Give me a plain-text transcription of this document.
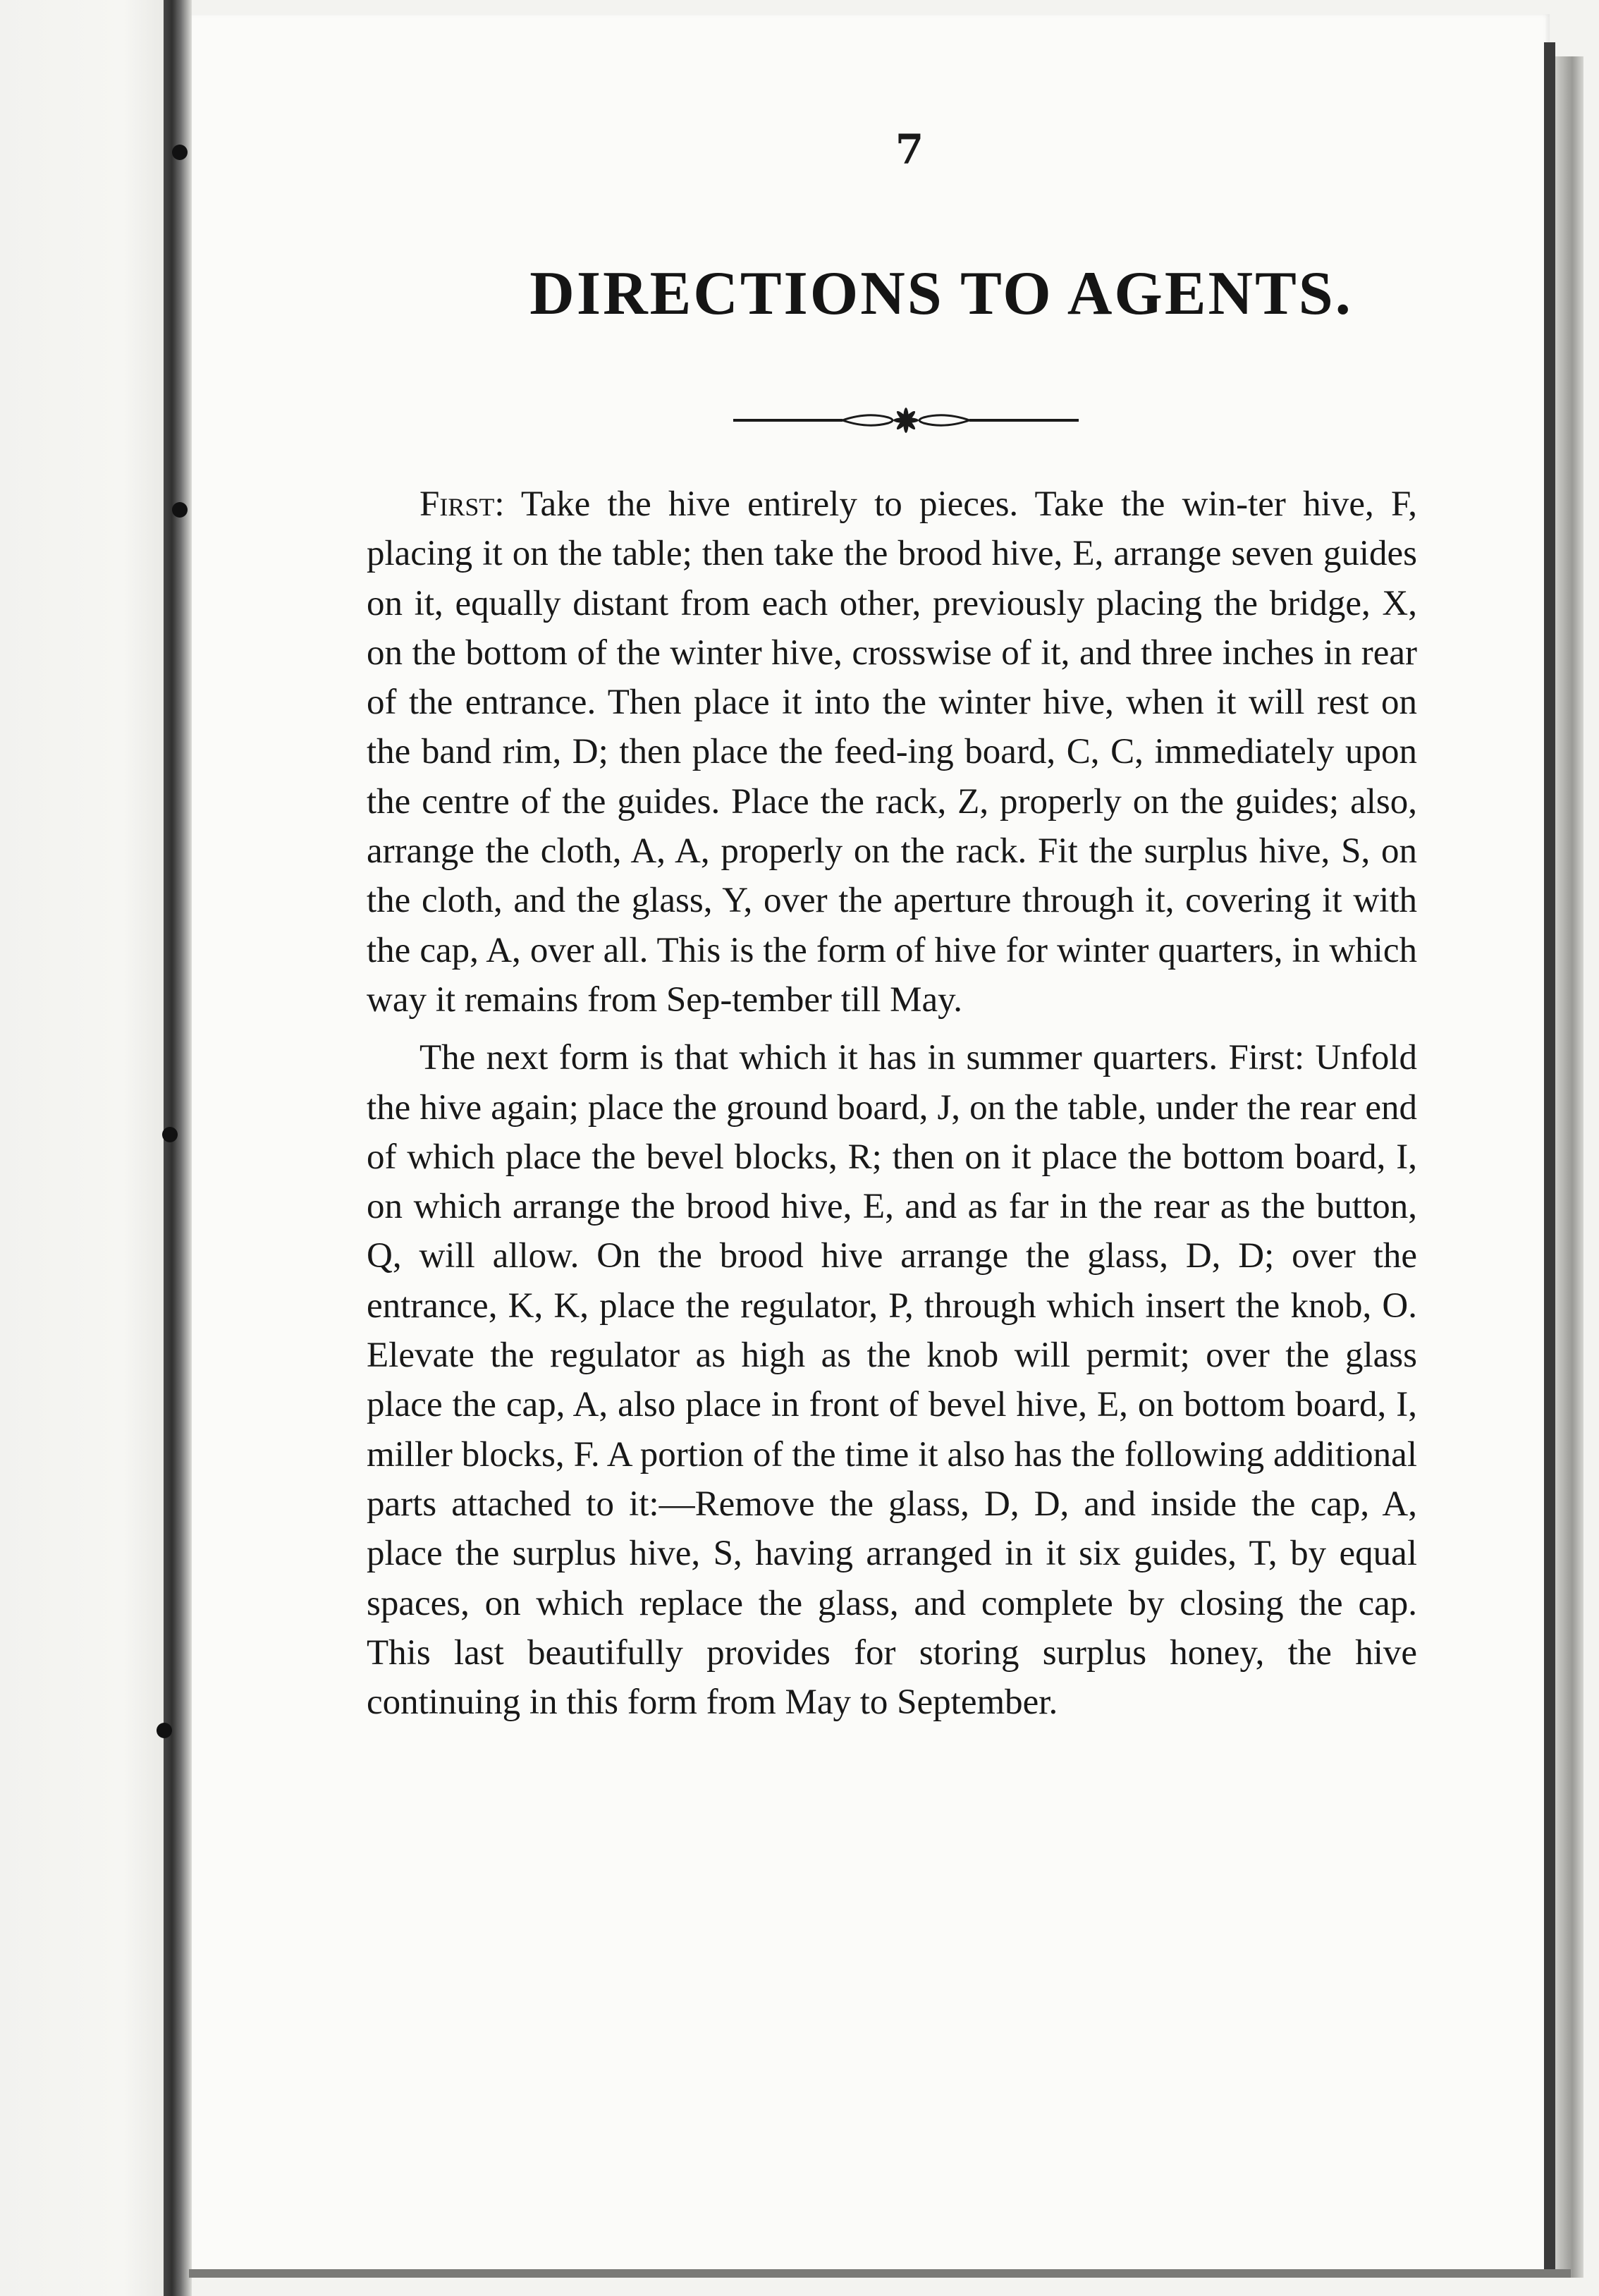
7
DIRECTIONS TO AGENTS.

First: Take the hive entirely to pieces. Take the win-ter hive, F, placing it on the table; then take the brood hive, E, arrange seven guides on it, equally distant from each other, previously placing the bridge, X, on the bottom of the winter hive, crosswise of it, and three inches in rear of the entrance. Then place it into the winter hive, when it will rest on the band rim, D; then place the feed-ing board, C, C, immediately upon the centre of the guides. Place the rack, Z, properly on the guides; also, arrange the cloth, A, A, properly on the rack. Fit the surplus hive, S, on the cloth, and the glass, Y, over the aperture through it, covering it with the cap, A, over all. This is the form of hive for winter quarters, in which way it remains from Sep-tember till May.

The next form is that which it has in summer quarters. First: Unfold the hive again; place the ground board, J, on the table, under the rear end of which place the bevel blocks, R; then on it place the bottom board, I, on which arrange the brood hive, E, and as far in the rear as the button, Q, will allow. On the brood hive arrange the glass, D, D; over the entrance, K, K, place the regulator, P, through which insert the knob, O. Elevate the regulator as high as the knob will permit; over the glass place the cap, A, also place in front of bevel hive, E, on bottom board, I, miller blocks, F. A portion of the time it also has the following additional parts attached to it:—Remove the glass, D, D, and inside the cap, A, place the surplus hive, S, having arranged in it six guides, T, by equal spaces, on which replace the glass, and complete by closing the cap. This last beautifully provides for storing surplus honey, the hive continuing in this form from May to September.
